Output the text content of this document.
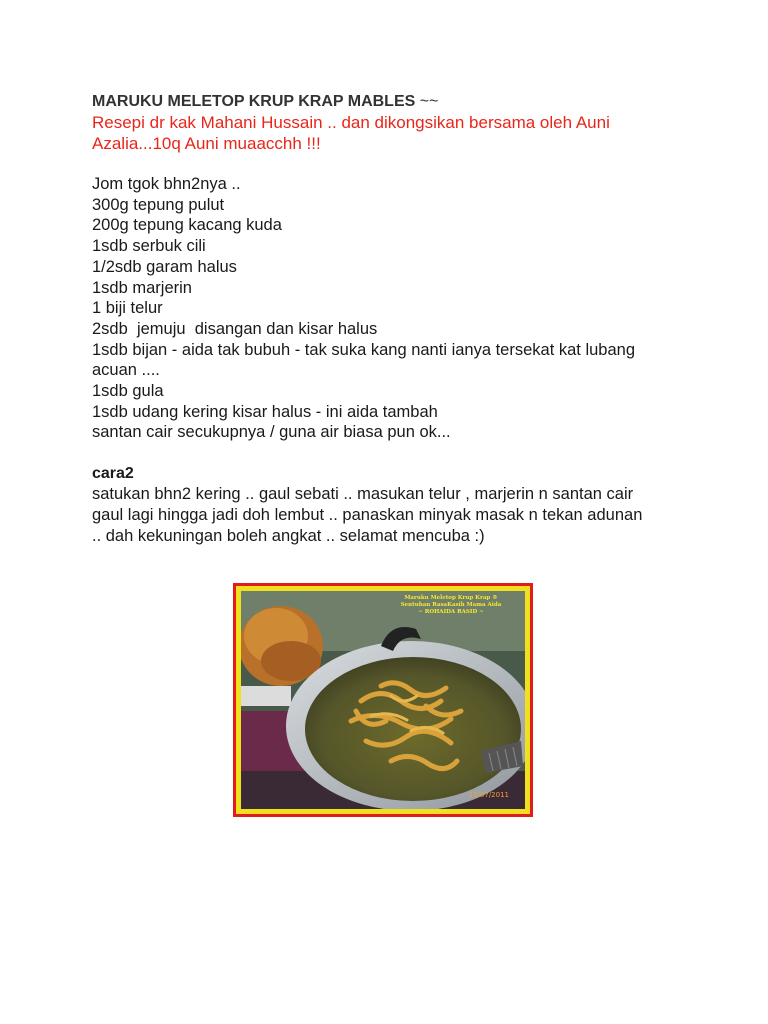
MARUKU MELETOP KRUP KRAP MABLES ~~

Resepi dr kak Mahani Hussain .. dan dikongsikan bersama oleh Auni

Azalia...10q Auni muaacchh !!!

Jom tgok bhn2nya ..

300g tepung pulut

200g tepung kacang kuda

1sdb serbuk cili

1/2sdb garam halus

1sdb marjerin

1 biji telur

2sdb  jemuju  disangan dan kisar halus

1sdb bijan - aida tak bubuh - tak suka kang nanti ianya tersekat kat lubang

acuan ....

1sdb gula

1sdb udang kering kisar halus - ini aida tambah

santan cair secukupnya / guna air biasa pun ok...

cara2

satukan bhn2 kering .. gaul sebati .. masukan telur , marjerin n santan cair

gaul lagi hingga jadi doh lembut .. panaskan minyak masak n tekan adunan

.. dah kekuningan boleh angkat .. selamat mencuba :)

Maruku Meletop Krup Krap ®
Sentuhan RasaKasih Mama Aida
~ ROHAIDA RASID ~
25/07/2011
